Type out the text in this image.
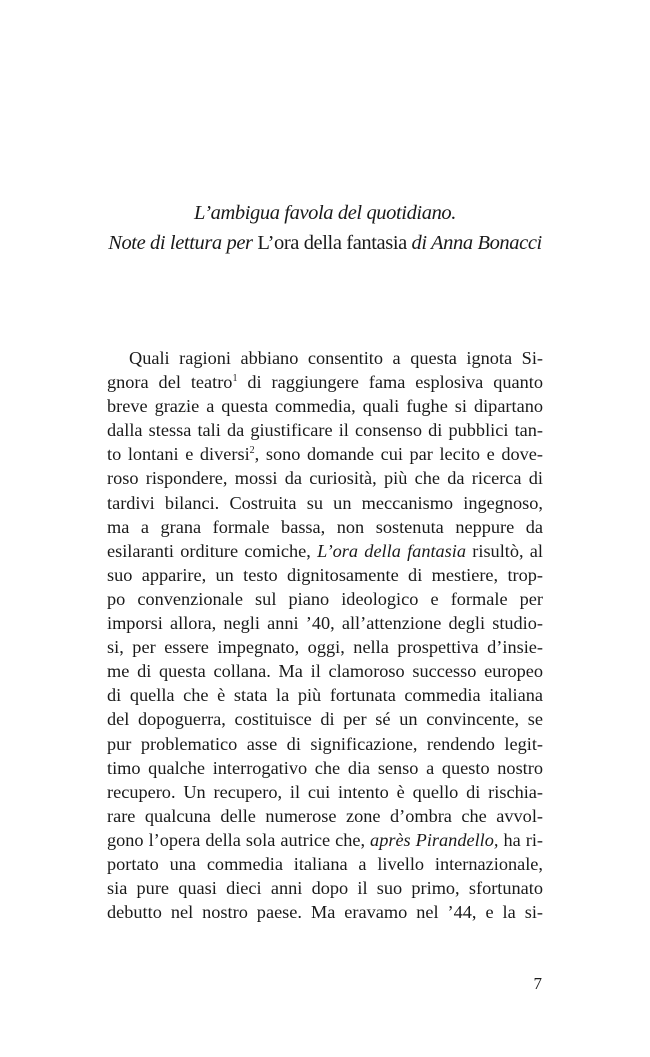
L’ambigua favola del quotidiano.
Note di lettura per L’ora della fantasia di Anna Bonacci
Quali ragioni abbiano consentito a questa ignota Si-
gnora del teatro$^1$ di raggiungere fama esplosiva quanto
breve grazie a questa commedia, quali fughe si dipartano
dalla stessa tali da giustificare il consenso di pubblici tan-
to lontani e diversi$^2$, sono domande cui par lecito e dove-
roso rispondere, mossi da curiosità, più che da ricerca di
tardivi bilanci. Costruita su un meccanismo ingegnoso,
ma a grana formale bassa, non sostenuta neppure da
esilaranti orditure comiche, L’ora della fantasia risultò, al
suo apparire, un testo dignitosamente di mestiere, trop-
po convenzionale sul piano ideologico e formale per
imporsi allora, negli anni ’40, all’attenzione degli studio-
si, per essere impegnato, oggi, nella prospettiva d’insie-
me di questa collana. Ma il clamoroso successo europeo
di quella che è stata la più fortunata commedia italiana
del dopoguerra, costituisce di per sé un convincente, se
pur problematico asse di significazione, rendendo legit-
timo qualche interrogativo che dia senso a questo nostro
recupero. Un recupero, il cui intento è quello di rischia-
rare qualcuna delle numerose zone d’ombra che avvol-
gono l’opera della sola autrice che, après Pirandello, ha ri-
portato una commedia italiana a livello internazionale,
sia pure quasi dieci anni dopo il suo primo, sfortunato
debutto nel nostro paese. Ma eravamo nel ’44, e la si-
7
